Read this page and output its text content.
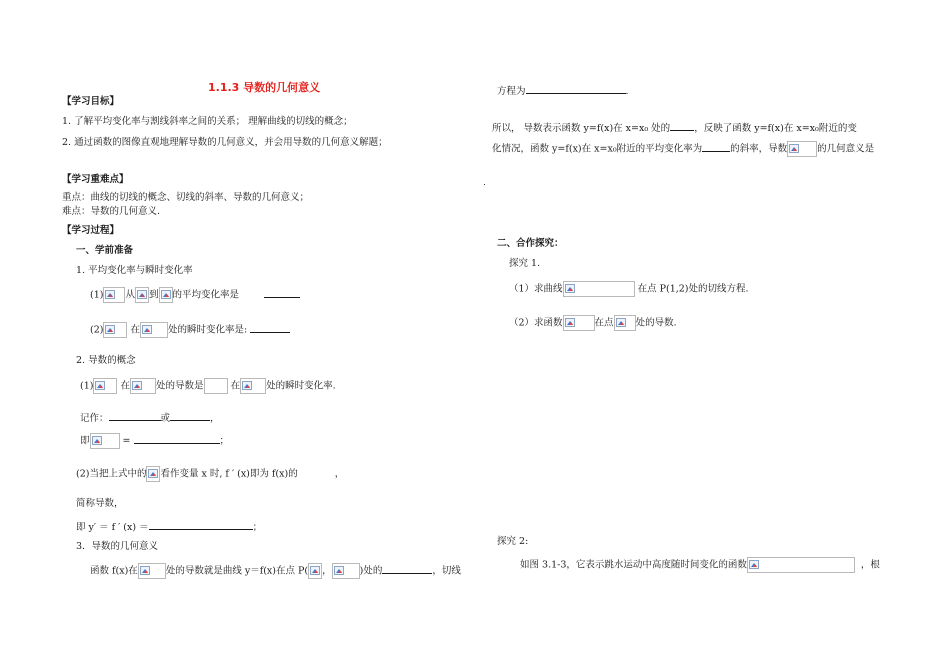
1.1.3 导数的几何意义
【学习目标】
1. 了解平均变化率与割线斜率之间的关系； 理解曲线的切线的概念；
2. 通过函数的图像直观地理解导数的几何意义，并会用导数的几何意义解题；
【学习重难点】
重点：曲线的切线的概念、切线的斜率、导数的几何意义；
难点：导数的几何意义.
【学习过程】
一、学前准备
1. 平均变化率与瞬时变化率
(1) 从 到 的平均变化率是
(2)	在	处的瞬时变化率是:
2. 导数的概念
(1)	在	处的导数是	在	处的瞬时变化率.
记作：	或	，
即	=	；
(2)当把上式中的 看作变量 x 时, f ′ (x)即为 f(x)的	，
简称导数，
即 y′ ＝ f ′ (x) ＝	；
3．导数的几何意义
函数 f(x)在	处的导数就是曲线 y＝f(x)在点 P( ，	)处的	，切线
方程为	.
所以， 导数表示函数 y=f(x)在 x=x₀ 处的	，反映了函数 y=f(x)在 x=x₀附近的变
化情况，函数 y=f(x)在 x=x₀附近的平均变化率为	的斜率，导数	的几何意义是
二、合作探究：
探究 1.
（1）求曲线	在点 P(1,2)处的切线方程.
（2）求函数	在点 处的导数.
探究 2:
如图 3.1-3，它表示跳水运动中高度随时间变化的函数	，根
